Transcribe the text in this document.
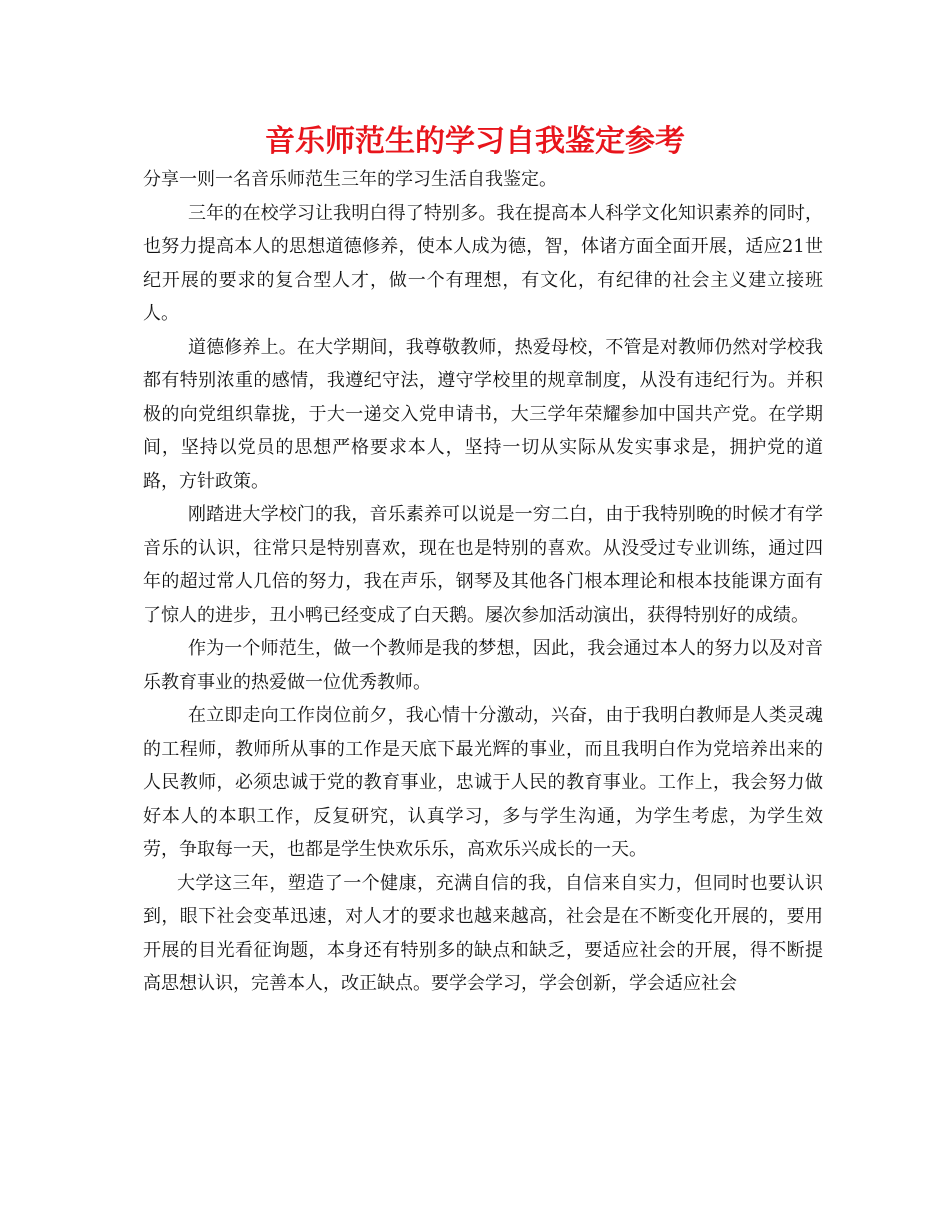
音乐师范生的学习自我鉴定参考

分享一则一名音乐师范生三年的学习生活自我鉴定。

三年的在校学习让我明白得了特别多。我在提高本人科学文化知识素养的同时，也努力提高本人的思想道德修养，使本人成为德，智，体诸方面全面开展，适应21世纪开展的要求的复合型人才，做一个有理想，有文化，有纪律的社会主义建立接班人。

道德修养上。在大学期间，我尊敬教师，热爱母校，不管是对教师仍然对学校我都有特别浓重的感情，我遵纪守法，遵守学校里的规章制度，从没有违纪行为。并积极的向党组织靠拢，于大一递交入党申请书，大三学年荣耀参加中国共产党。在学期间，坚持以党员的思想严格要求本人，坚持一切从实际从发实事求是，拥护党的道路，方针政策。

刚踏进大学校门的我，音乐素养可以说是一穷二白，由于我特别晚的时候才有学音乐的认识，往常只是特别喜欢，现在也是特别的喜欢。从没受过专业训练，通过四年的超过常人几倍的努力，我在声乐，钢琴及其他各门根本理论和根本技能课方面有了惊人的进步，丑小鸭已经变成了白天鹅。屡次参加活动演出，获得特别好的成绩。

作为一个师范生，做一个教师是我的梦想，因此，我会通过本人的努力以及对音乐教育事业的热爱做一位优秀教师。

在立即走向工作岗位前夕，我心情十分激动，兴奋，由于我明白教师是人类灵魂的工程师，教师所从事的工作是天底下最光辉的事业，而且我明白作为党培养出来的人民教师，必须忠诚于党的教育事业，忠诚于人民的教育事业。工作上，我会努力做好本人的本职工作，反复研究，认真学习，多与学生沟通，为学生考虑，为学生效劳，争取每一天，也都是学生快欢乐乐，高欢乐兴成长的一天。

大学这三年，塑造了一个健康，充满自信的我，自信来自实力，但同时也要认识到，眼下社会变革迅速，对人才的要求也越来越高，社会是在不断变化开展的，要用开展的目光看征询题，本身还有特别多的缺点和缺乏，要适应社会的开展，得不断提高思想认识，完善本人，改正缺点。要学会学习，学会创新，学会适应社会
